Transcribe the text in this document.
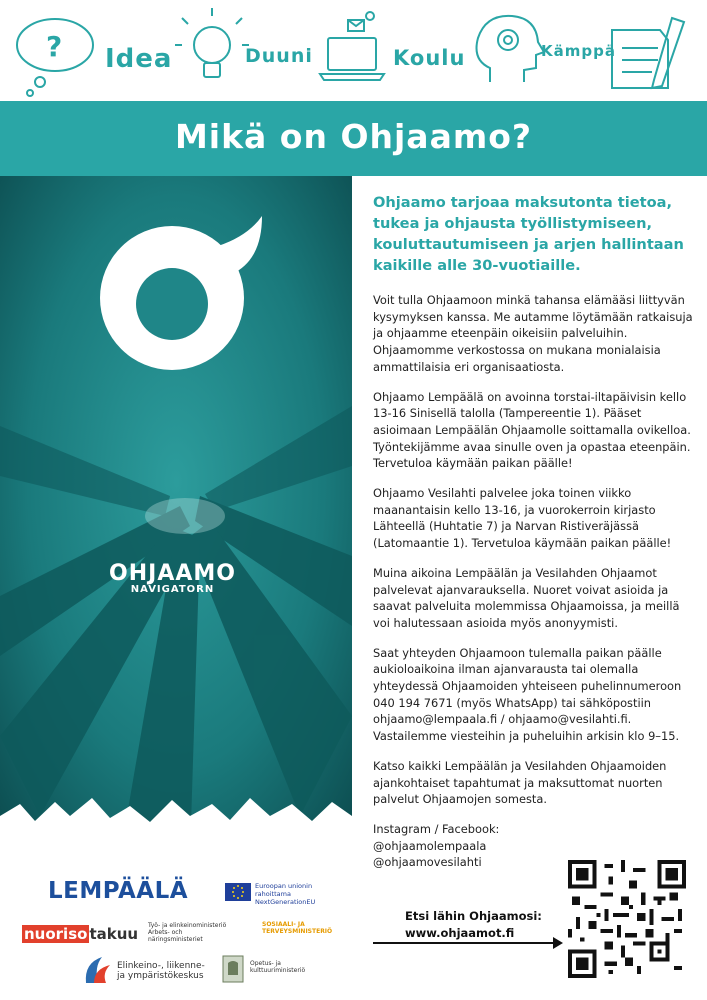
? Idea	Duuni	Koulu	Kämppä
Mikä on Ohjaamo?
OHJAAMO
NAVIGATORN

Ohjaamo tarjoaa maksutonta tietoa, tukea ja ohjausta työllistymiseen, kouluttautumiseen ja arjen hallintaan kaikille alle 30-vuotiaille.

Voit tulla Ohjaamoon minkä tahansa elämääsi liittyvän kysymyksen kanssa. Me autamme löytämään ratkaisuja ja ohjaamme eteenpäin oikeisiin palveluihin. Ohjaamomme verkostossa on mukana monialaisia ammattilaisia eri organisaatiosta.

Ohjaamo Lempäälä on avoinna torstai-iltapäivisin kello 13-16 Sinisellä talolla (Tampereentie 1). Pääset asioimaan Lempäälän Ohjaamolle soittamalla ovikelloa. Työntekijämme avaa sinulle oven ja opastaa eteenpäin. Tervetuloa käymään paikan päälle!

Ohjaamo Vesilahti palvelee joka toinen viikko maanantaisin kello 13-16, ja vuorokerroin kirjasto Lähteellä (Huhtatie 7) ja Narvan Ristiveräjässä (Latomaantie 1). Tervetuloa käymään paikan päälle!

Muina aikoina Lempäälän ja Vesilahden Ohjaamot palvelevat ajanvarauksella. Nuoret voivat asioida ja saavat palveluita molemmissa Ohjaamoissa, ja meillä voi halutessaan asioida myös anonyymisti.

Saat yhteyden Ohjaamoon tulemalla paikan päälle aukioloaikoina ilman ajanvarausta tai olemalla yhteydessä Ohjaamoiden yhteiseen puhelinnumeroon 040 194 7671 (myös WhatsApp) tai sähköpostiin ohjaamo@lempaala.fi / ohjaamo@vesilahti.fi. Vastailemme viesteihin ja puheluihin arkisin klo 9–15.

Katso kaikki Lempäälän ja Vesilahden Ohjaamoiden ajankohtaiset tapahtumat ja maksuttomat nuorten palvelut Ohjaamojen somesta.

Instagram / Facebook:
@ohjaamolempaala
@ohjaamovesilahti
Etsi lähin Ohjaamosi:
www.ohjaamot.fi
LEMPÄÄLÄ	Euroopan unionin rahoittama NextGenerationEU
nuoriso takuu Työ- ja elinkeinoministeriö Arbets- och näringsministeriet
SOSIAALI- JA TERVEYSMINISTERIÖ
Elinkeino-, liikenne- ja ympäristökeskus
Opetus- ja kulttuuriministeriö
